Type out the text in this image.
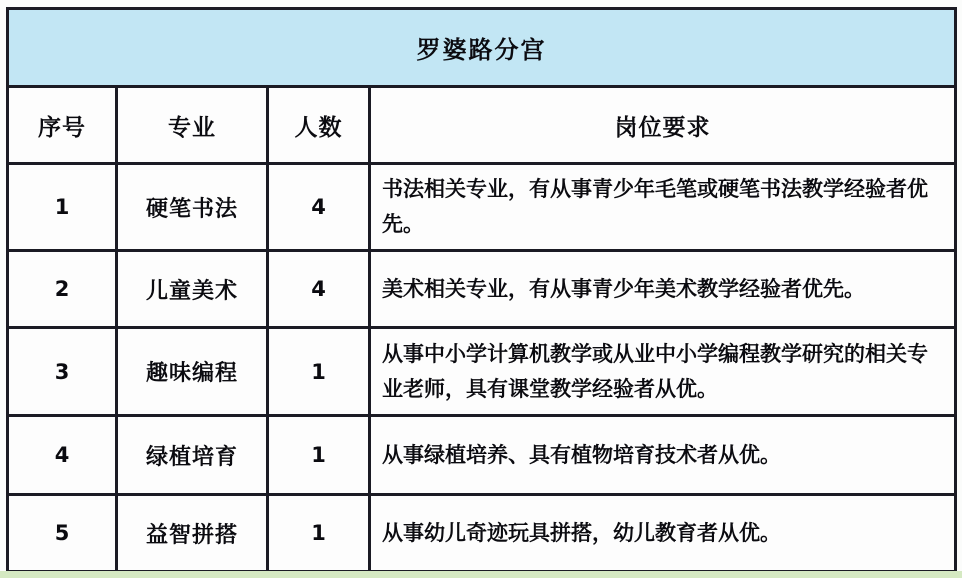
罗婆路分宫			
序号	专业	人数	岗位要求
1	硬笔书法	4	书法相关专业，有从事青少年毛笔或硬笔书法教学经验者优先。
2	儿童美术	4	美术相关专业，有从事青少年美术教学经验者优先。
3	趣味编程	1	从事中小学计算机教学或从业中小学编程教学研究的相关专业老师，具有课堂教学经验者从优。
4	绿植培育	1	从事绿植培养、具有植物培育技术者从优。
5	益智拼搭	1	从事幼儿奇迹玩具拼搭，幼儿教育者从优。
